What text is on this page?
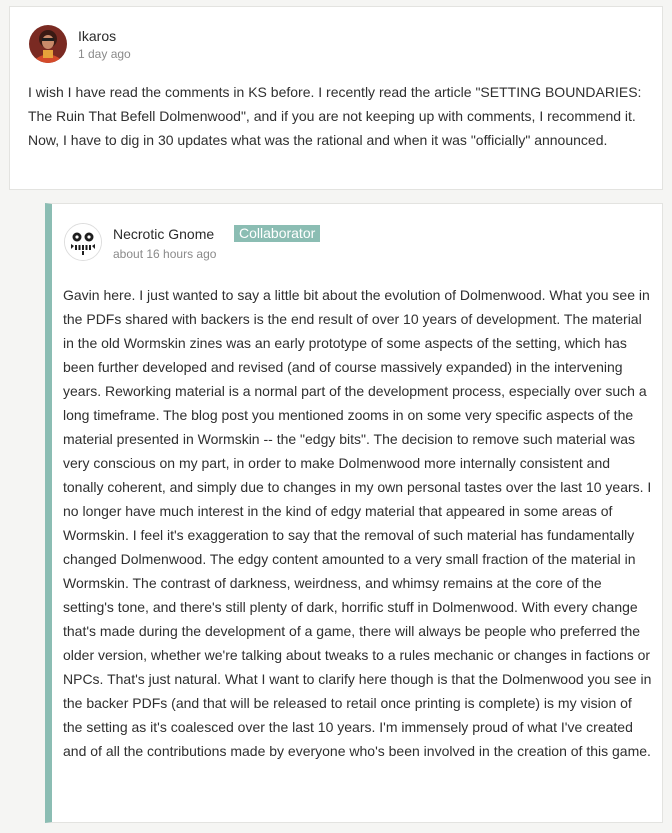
Ikaros
1 day ago

I wish I have read the comments in KS before. I recently read the article "SETTING BOUNDARIES: The Ruin That Befell Dolmenwood", and if you are not keeping up with comments, I recommend it. Now, I have to dig in 30 updates what was the rational and when it was "officially" announced.

Necrotic Gnome	Collaborator
about 16 hours ago

Gavin here. I just wanted to say a little bit about the evolution of Dolmenwood. What you see in the PDFs shared with backers is the end result of over 10 years of development. The material in the old Wormskin zines was an early prototype of some aspects of the setting, which has been further developed and revised (and of course massively expanded) in the intervening years. Reworking material is a normal part of the development process, especially over such a long timeframe. The blog post you mentioned zooms in on some very specific aspects of the material presented in Wormskin -- the "edgy bits". The decision to remove such material was very conscious on my part, in order to make Dolmenwood more internally consistent and tonally coherent, and simply due to changes in my own personal tastes over the last 10 years. I no longer have much interest in the kind of edgy material that appeared in some areas of Wormskin. I feel it's exaggeration to say that the removal of such material has fundamentally changed Dolmenwood. The edgy content amounted to a very small fraction of the material in Wormskin. The contrast of darkness, weirdness, and whimsy remains at the core of the setting's tone, and there's still plenty of dark, horrific stuff in Dolmenwood. With every change that's made during the development of a game, there will always be people who preferred the older version, whether we're talking about tweaks to a rules mechanic or changes in factions or NPCs. That's just natural. What I want to clarify here though is that the Dolmenwood you see in the backer PDFs (and that will be released to retail once printing is complete) is my vision of the setting as it's coalesced over the last 10 years. I'm immensely proud of what I've created and of all the contributions made by everyone who's been involved in the creation of this game.
